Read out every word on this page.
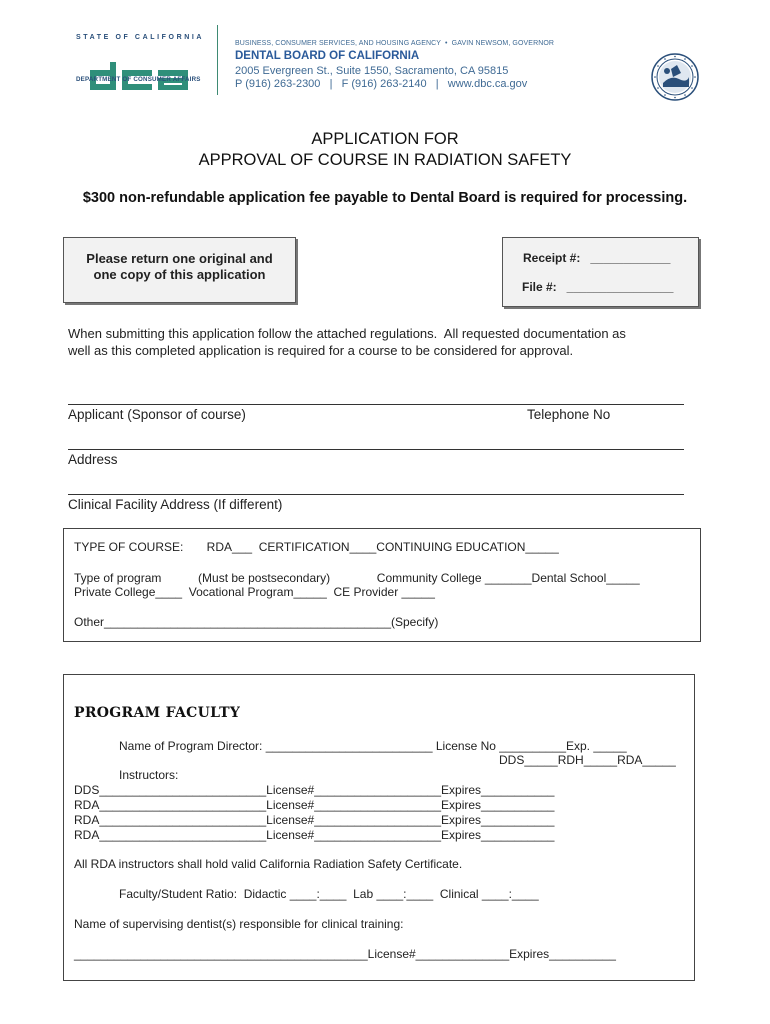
STATE OF CALIFORNIA

DEPARTMENT OF CONSUMER AFFAIRS
BUSINESS, CONSUMER SERVICES, AND HOUSING AGENCY  •  GAVIN NEWSOM, GOVERNOR
DENTAL BOARD OF CALIFORNIA
2005 Evergreen St., Suite 1550, Sacramento, CA 95815
P (916) 263-2300   |   F (916) 263-2140   |   www.dbc.ca.gov

APPLICATION FOR
APPROVAL OF COURSE IN RADIATION SAFETY
$300 non-refundable application fee payable to Dental Board is required for processing.

Please return one original and

one copy of this application

Receipt #:   ____________

File #:   ________________

When submitting this application follow the attached regulations.  All requested documentation as
well as this completed application is required for a course to be considered for approval.
Applicant (Sponsor of course)	Telephone No
Address
Clinical Facility Address (If different)
TYPE OF COURSE:       RDA___  CERTIFICATION____CONTINUING EDUCATION_____
Type of program           (Must be postsecondary)              Community College _______Dental School_____
Private College____  Vocational Program_____  CE Provider _____
Other___________________________________________(Specify)
PROGRAM FACULTY
Name of Program Director: _________________________ License No __________Exp. _____
DDS_____RDH_____RDA_____
Instructors:
DDS_________________________License#___________________Expires___________
RDA_________________________License#___________________Expires___________
RDA_________________________License#___________________Expires___________
RDA_________________________License#___________________Expires___________
All RDA instructors shall hold valid California Radiation Safety Certificate.
Faculty/Student Ratio:  Didactic ____:____  Lab ____:____  Clinical ____:____
Name of supervising dentist(s) responsible for clinical training:
____________________________________________License#______________Expires__________
